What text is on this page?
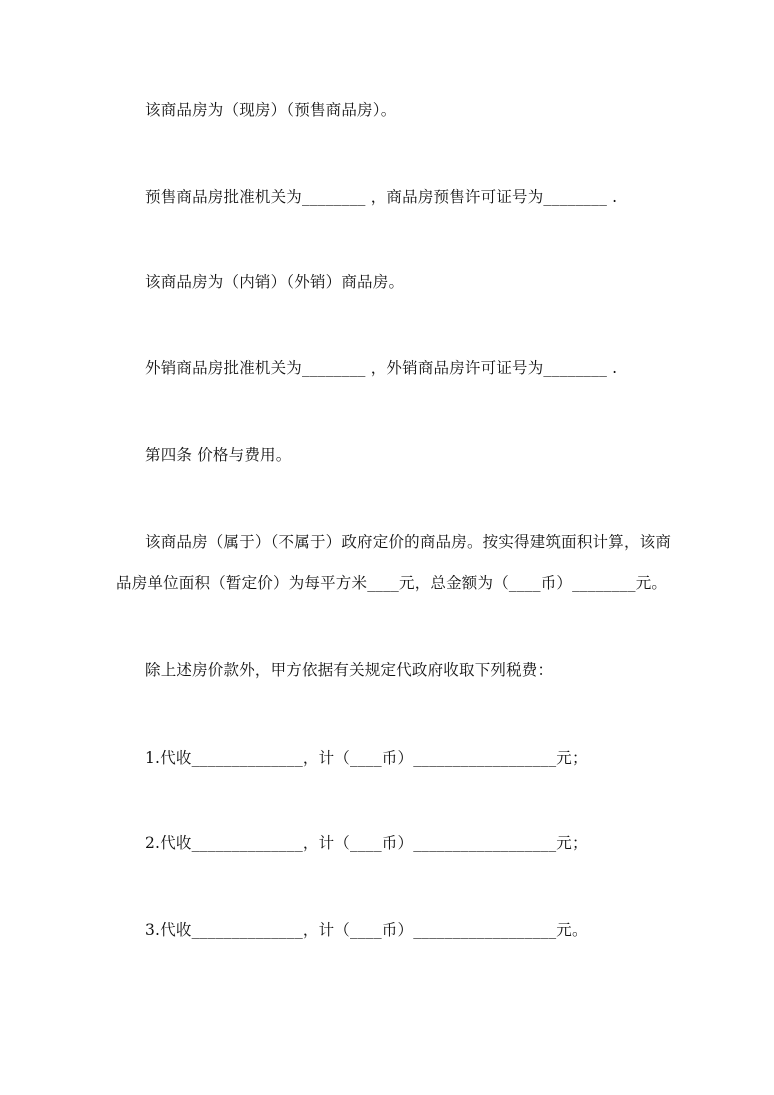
该商品房为（现房）（预售商品房）。
预售商品房批准机关为________ ，商品房预售许可证号为________ .
该商品房为（内销）（外销）商品房。
外销商品房批准机关为________ ，外销商品房许可证号为________ .
第四条 价格与费用。
该商品房（属于）（不属于）政府定价的商品房。按实得建筑面积计算，该商
品房单位面积（暂定价）为每平方米____元，总金额为（____币）________元。
除上述房价款外，甲方依据有关规定代政府收取下列税费：
1.代收______________，计（____币）__________________元；
2.代收______________，计（____币）__________________元；
3.代收______________，计（____币）__________________元。
